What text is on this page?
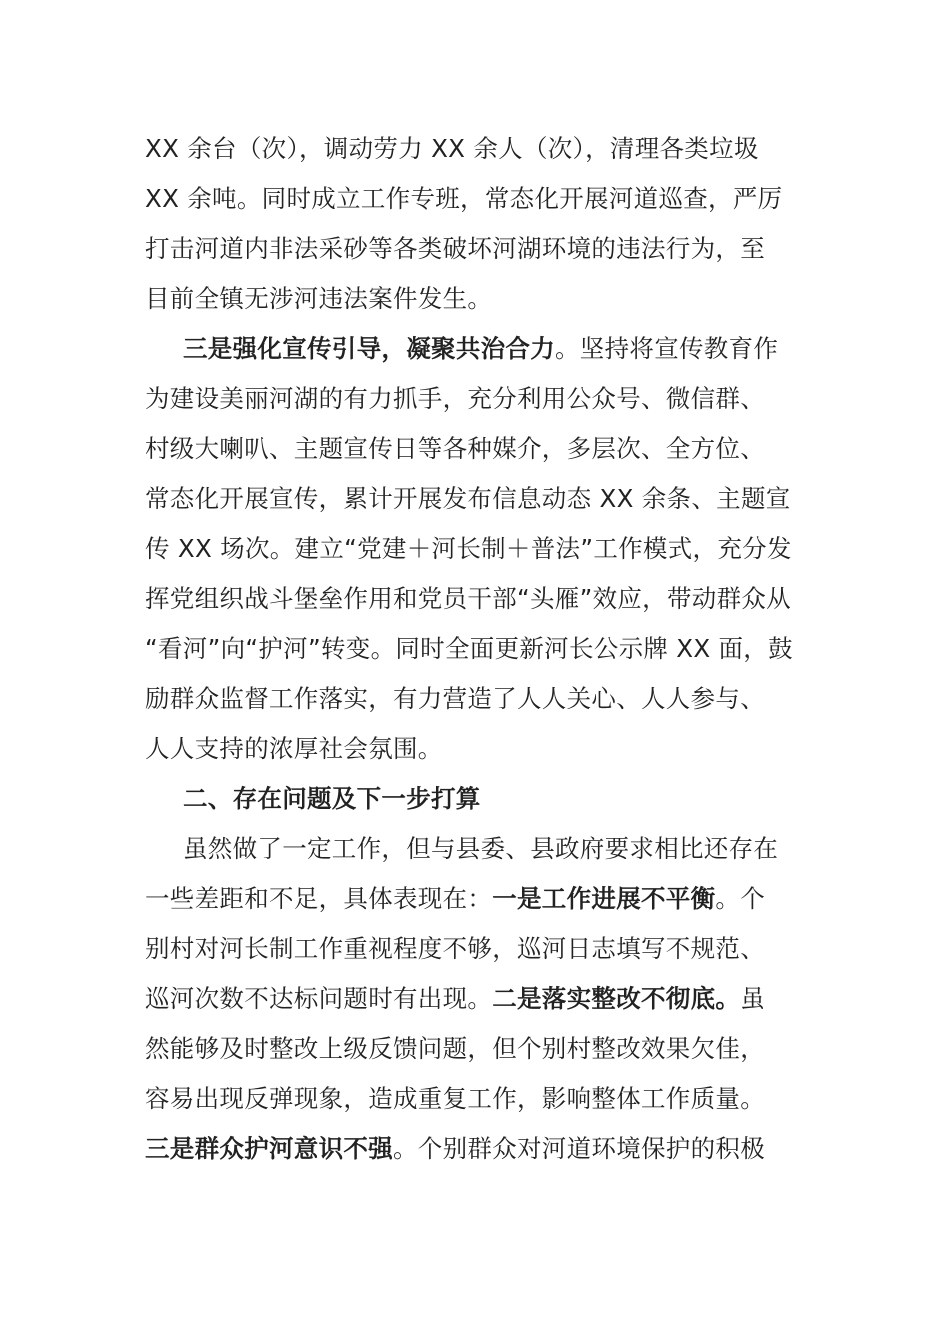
XX 余台（次），调动劳力 XX 余人（次），清理各类垃圾
XX 余吨。同时成立工作专班，常态化开展河道巡查，严厉
打击河道内非法采砂等各类破坏河湖环境的违法行为，至
目前全镇无涉河违法案件发生。
三是强化宣传引导，凝聚共治合力。坚持将宣传教育作
为建设美丽河湖的有力抓手，充分利用公众号、微信群、
村级大喇叭、主题宣传日等各种媒介，多层次、全方位、
常态化开展宣传，累计开展发布信息动态 XX 余条、主题宣
传 XX 场次。建立“党建＋河长制＋普法”工作模式，充分发
挥党组织战斗堡垒作用和党员干部“头雁”效应，带动群众从
“看河”向“护河”转变。同时全面更新河长公示牌 XX 面，鼓
励群众监督工作落实，有力营造了人人关心、人人参与、
人人支持的浓厚社会氛围。
二、存在问题及下一步打算
虽然做了一定工作，但与县委、县政府要求相比还存在
一些差距和不足，具体表现在：一是工作进展不平衡。个
别村对河长制工作重视程度不够，巡河日志填写不规范、
巡河次数不达标问题时有出现。二是落实整改不彻底。虽
然能够及时整改上级反馈问题，但个别村整改效果欠佳，
容易出现反弹现象，造成重复工作，影响整体工作质量。
三是群众护河意识不强。个别群众对河道环境保护的积极
